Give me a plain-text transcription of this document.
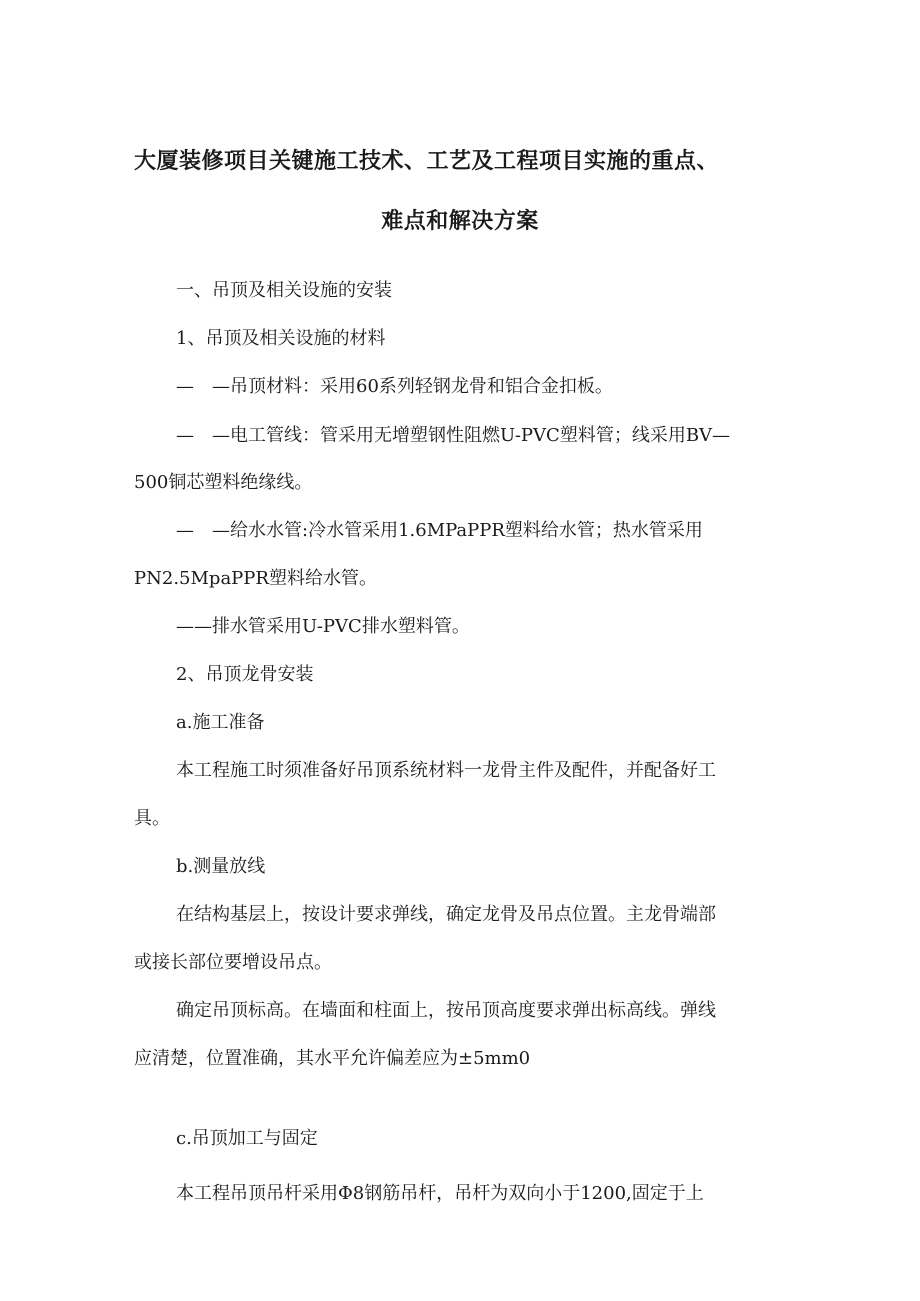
大厦装修项目关键施工技术、工艺及工程项目实施的重点、
难点和解决方案
一、吊顶及相关设施的安装
1、吊顶及相关设施的材料
—　—吊顶材料：采用60系列轻钢龙骨和铝合金扣板。
—　—电工管线：管采用无增塑钢性阻燃U-PVC塑料管；线采用BV—
500铜芯塑料绝缘线。
—　—给水水管:冷水管采用1.6MPaPPR塑料给水管；热水管采用
PN2.5MpaPPR塑料给水管。
——排水管采用U-PVC排水塑料管。
2、吊顶龙骨安装
a.施工准备
本工程施工时须准备好吊顶系统材料一龙骨主件及配件，并配备好工
具。
b.测量放线
在结构基层上，按设计要求弹线，确定龙骨及吊点位置。主龙骨端部
或接长部位要增设吊点。
确定吊顶标高。在墙面和柱面上，按吊顶高度要求弹出标高线。弹线
应清楚，位置准确，其水平允许偏差应为±5mm0
c.吊顶加工与固定
本工程吊顶吊杆采用Φ8钢筋吊杆，吊杆为双向小于1200,固定于上
